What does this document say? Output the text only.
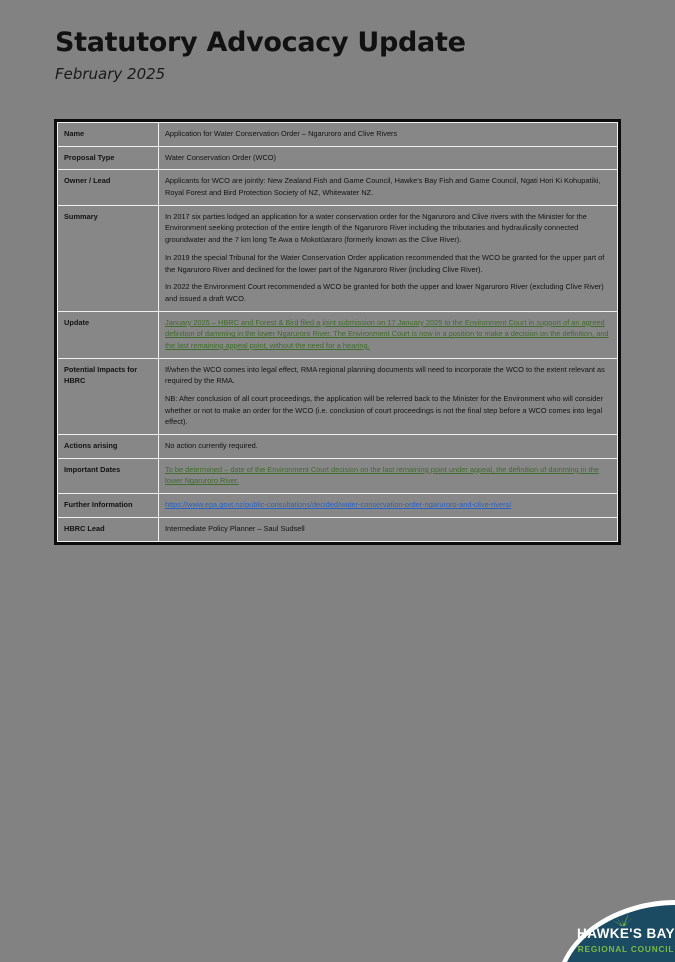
Statutory Advocacy Update
February 2025
Name	Application for Water Conservation Order – Ngaruroro and Clive Rivers

Proposal Type	Water Conservation Order (WCO)

Owner / Lead	Applicants for WCO are jointly: New Zealand Fish and Game Council, Hawke's Bay Fish and Game Council, Ngati Hori Ki Kohupatiki, Royal Forest and Bird Protection Society of NZ, Whitewater NZ.

Summary	In 2017 six parties lodged an application for a water conservation order for the Ngaruroro and Clive rivers with the Minister for the Environment seeking protection of the entire length of the Ngaruroro River including the tributaries and hydraulically connected groundwater and the 7 km long Te Awa o Mokotūararo (formerly known as the Clive River).

In 2019 the special Tribunal for the Water Conservation Order application recommended that the WCO be granted for the upper part of the Ngaruroro River and declined for the lower part of the Ngaruroro River (including Clive River).

In 2022 the Environment Court recommended a WCO be granted for both the upper and lower Ngaruroro River (excluding Clive River) and issued a draft WCO.

Update	January 2025 – HBRC and Forest & Bird filed a joint submission on 17 January 2025 to the Environment Court in support of an agreed definition of damming in the lower Ngaruroro River. The Environment Court is now in a position to make a decision on the definition, and the last remaining appeal point, without the need for a hearing.

Potential Impacts for HBRC	If/when the WCO comes into legal effect, RMA regional planning documents will need to incorporate the WCO to the extent relevant as required by the RMA.

NB: After conclusion of all court proceedings, the application will be referred back to the Minister for the Environment who will consider whether or not to make an order for the WCO (i.e. conclusion of court proceedings is not the final step before a WCO comes into legal effect).

Actions arising	No action currently required.

Important Dates	To be determined – date of the Environment Court decision on the last remaining point under appeal, the definition of damming in the lower Ngaruroro River.

Further Information	https://www.epa.govt.nz/public-consultations/decided/water-conservation-order-ngaruroro-and-clive-rivers/

HBRC Lead	Intermediate Policy Planner – Saul Sudsell

HAWKE'S BAY
REGIONAL COUNCIL
